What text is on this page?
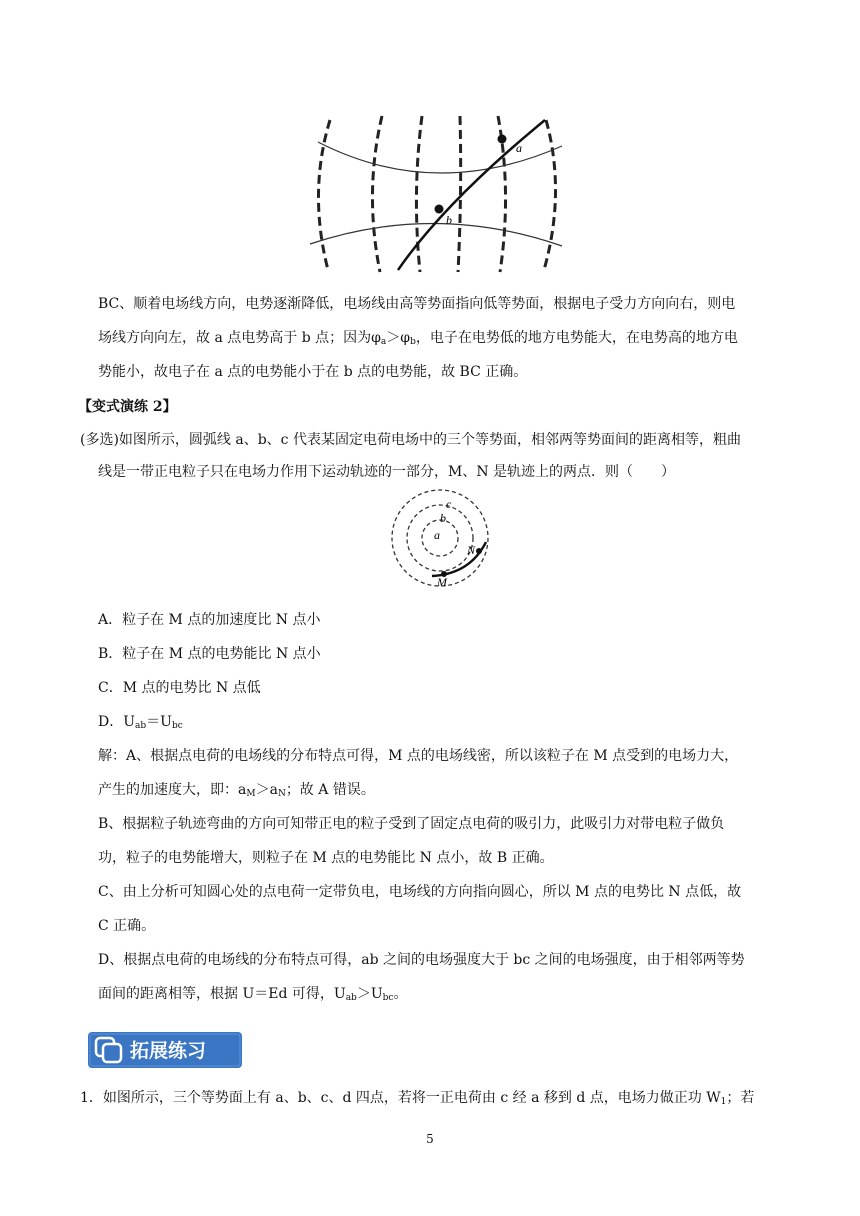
a
b
BC、顺着电场线方向，电势逐渐降低，电场线由高等势面指向低等势面，根据电子受力方向向右，则电
场线方向向左，故 a 点电势高于 b 点；因为$\varphi_a>\varphi_b$，电子在电势低的地方电势能大，在电势高的地方电
势能小，故电子在 a 点的电势能小于在 b 点的电势能，故 BC 正确。
【变式演练 2】
(多选)如图所示，圆弧线 a、b、c 代表某固定电荷电场中的三个等势面，相邻两等势面间的距离相等，粗曲
线是一带正电粒子只在电场力作用下运动轨迹的一部分，M、N 是轨迹上的两点．则（　　）
c
b
a
N
M
A．粒子在 M 点的加速度比 N 点小
B．粒子在 M 点的电势能比 N 点小
C．M 点的电势比 N 点低
D．$U_{ab}=U_{bc}$
解：A、根据点电荷的电场线的分布特点可得，M 点的电场线密，所以该粒子在 M 点受到的电场力大，
产生的加速度大，即：$a_M>a_N$；故 A 错误。
B、根据粒子轨迹弯曲的方向可知带正电的粒子受到了固定点电荷的吸引力，此吸引力对带电粒子做负
功，粒子的电势能增大，则粒子在 M 点的电势能比 N 点小，故 B 正确。
C、由上分析可知圆心处的点电荷一定带负电，电场线的方向指向圆心，所以 M 点的电势比 N 点低，故
C 正确。
D、根据点电荷的电场线的分布特点可得，ab 之间的电场强度大于 bc 之间的电场强度，由于相邻两等势
面间的距离相等，根据 U＝Ed 可得，$U_{ab}>U_{bc}$。
拓展练习
1．如图所示，三个等势面上有 a、b、c、d 四点，若将一正电荷由 c 经 a 移到 d 点，电场力做正功 $W_1$；若
5
